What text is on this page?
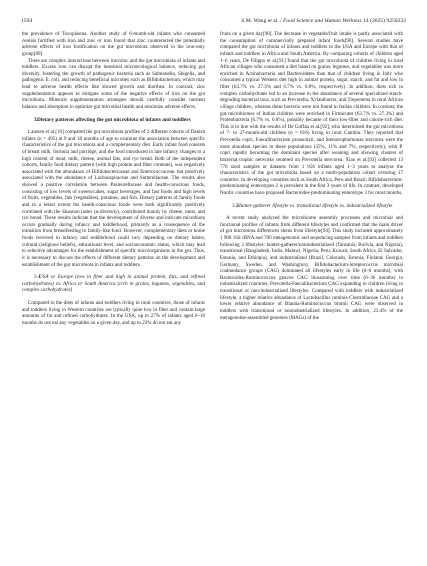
1594	S.M. Wang et al. / Food Science and Human Wellness 14 (2025) 9250232

the prevalence of Toxoplasma. Another study of 6-month-old infants who consumed cereals fortified with iron and zinc or iron found that zinc counteracted the potentially adverse effects of iron fortification on the gut microbiota observed in the iron-only group[89].

There are complex interactions between iron/zinc and the gut microbiota of infants and toddlers. Excess iron can disrupt the intestinal microecological balance, reducing gut diversity, fostering the growth of pathogenic bacteria such as Salmonella, Shigella, and pathogenic E. coli, and reducing beneficial microbes such as Bifidobacterium, which may lead to adverse health effects like slowed growth and diarrhea. In contrast, zinc supplementation appears to mitigate some of the negative effects of iron on the gut microbiota. Minerals supplementation strategies should carefully consider nutrient balance and absorption to optimize gut microbial health and minimize adverse effects.

3.Dietary patterns affecting the gut microbiota of infants and toddlers

Laursen et al.[10] compared the gut microbiota profiles of 2 different cohorts of Danish infants (n = 495) at 9 and 18 months of age to examine the association between specific characteristics of the gut microbiota and a complementary diet. Early infant food consists of breast milk, formula and porridge, and the food introduced in late infancy changes to a high content of meat, milk, cheese, animal fats, and rye bread. Both of the independent cohorts, family food dietary pattern (with high protein and fiber contents), was negatively associated with the abundance of Bifidobacteriaceae and Enterococcaceae, but positively associated with the abundance of Lachnospiraceae and Sutterellaceae. The results also showed a positive correlation between Pasteurellaceae and health-conscious foods, consisting of low levels of sweets/cakes, sugar beverages, and fast foods and high levels of fruits, vegetables, fats (vegetables), potatoes, and fish. Dietary patterns of family foods and to a lesser extent the health-conscious foods were both significantly positively correlated with the Shannon index (α-diversity), contributed mainly by cheese, meat, and rye bread. These results indicate that the development of diverse and intricate microbiota occurs gradually during infancy and toddlerhood, primarily as a consequence of the transition from breastfeeding to family-like food. However, complementary diets or home foods received in infancy and toddlerhood could vary depending on dietary habits, cultural (religious beliefs), educational level, and socioeconomic status, which may lead to selective advantages for the establishment of specific microorganisms in the gut. Thus, it is necessary to discuss the effects of different dietary patterns on the development and establishment of the gut microbiota in infants and toddlers.

3.1USA or Europe (low in fiber and high in animal protein, fats, and refined carbohydrates) vs. Africa or South America (rich in grains, legumes, vegetables, and complex carbohydrates)

Compared to the diets of infants and toddlers living in rural countries, those of infants and toddlers living in Western countries are typically quite low in fiber and contain large amounts of fat and refined carbohydrates. In the USA, up to 27% of infants aged 6–18 months do not eat any vegetables on a given day, and up to 23% do not eat any

fruits on a given day[90]. The decrease in vegetable/fruit intake is partly associated with the consumption of commercially prepared infant foods[90]. Several studies have compared the gut microbiota of infants and toddlers in the USA and Europe with that of infants and toddlers in Africa and South America. By comparing cohorts of children aged 1–6 years, De Filippo et al.[91] found that the gut microbiota of children living in rural African villages who consumed a diet based on grains, legumes, and vegetables was more enriched in Actinobacteria and Bacteroidetes than that of children living in Italy who consumed a typical Western diet high in animal protein, sugar, starch, and fat and low in fiber (63.7% vs. 27.3% and 6.7% vs. 0.8%, respectively). In addition, diets rich in complex carbohydrates led to an increase in the abundance of several specialized starch-degrading bacterial taxa, such as Prevotella, Xylanibacter, and Treponema in rural African village children, whereas these bacteria were not found in Italian children. In contrast, the gut microbiomes of Italian children were enriched in Firmicutes (63.7% vs. 27.3%) and Proteobacteria (6.7% vs. 0.8%), possibly because of their low-fiber and calorie-rich diet. This is in line with the results of De Goffau et al.[92], who determined the gut microbiota of 7- to 37-month-old children (n = 616) living in rural Gambia. They reported that Prevotella copri, Faecalibacterium prausnitzii, and Stenotrophomonas stercorea were the most abundant species in these populations (35%, 11% and 7%, respectively), with P. copri rapidly becoming the dominant species after weaning and showing clusters of bacterial trophic networks centered on Prevotella stercorea. Xiao et al.[93] collected 13 776 stool samples or datasets from 1 956 infants aged 1–3 years to analyze the characteristics of the gut microbiota based on a multi-population cohort covering 17 countries. In developing countries such as South Africa, Peru and Brazil, Bifidobacterium-predominating enterotypes 2 is prevalent in the first 3 years of life. In contrast, developed Nordic countries have proposed Bacteroides-predominating enterotype 3 for most months.

3.2Hunter-gatherer lifestyle vs. transitional lifestyle vs. industrialized lifestyle

A recent study analyzed the microbiome assembly processes and microbial and functional profiles of infants from different lifestyles and confirmed that the main driver of gut microbiota differences stems from lifestyle[94]. This study included approximately 1 900 16S rRNA and 700 metagenomic and sequencing samples from infants and toddlers following 3 lifestyles: hunter-gatherer/nonindustrialized (Tanzania, Bolivia, and Nigeria), transitional (Bangladesh, India, Malawi, Nigeria, Peru, Kuwait, South Africa, El Salvador, Estonia, and Ethiopia), and industrialized (Brazil, Colorado, Estonia, Finland, Georgia, Germany, Sweden, and Washington). Bifidobacterium-Streptococcus microbial coabundance groups (CAG) dominated all lifestyles early in life (0–6 months), with Bacteroides-Ruminococcus gnavus CAG blossoming over time (6–36 months) in industrialized countries, Prevotella-Faecalibacterium CAG expanding in children living in transitional or non-industrialized lifestyles. Compared with toddlers with industrialized lifestyle, a higher relative abundance of Lactobacillus ruminis-Clostridiaceae CAG and a lower relative abundance of Blautia-Ruminococcus bromii CAG were observed in toddlers with transitional or nonindustrialized lifestyles. In addition, 23.4% of the metagenome-assembled genomes (MAGs) of the
